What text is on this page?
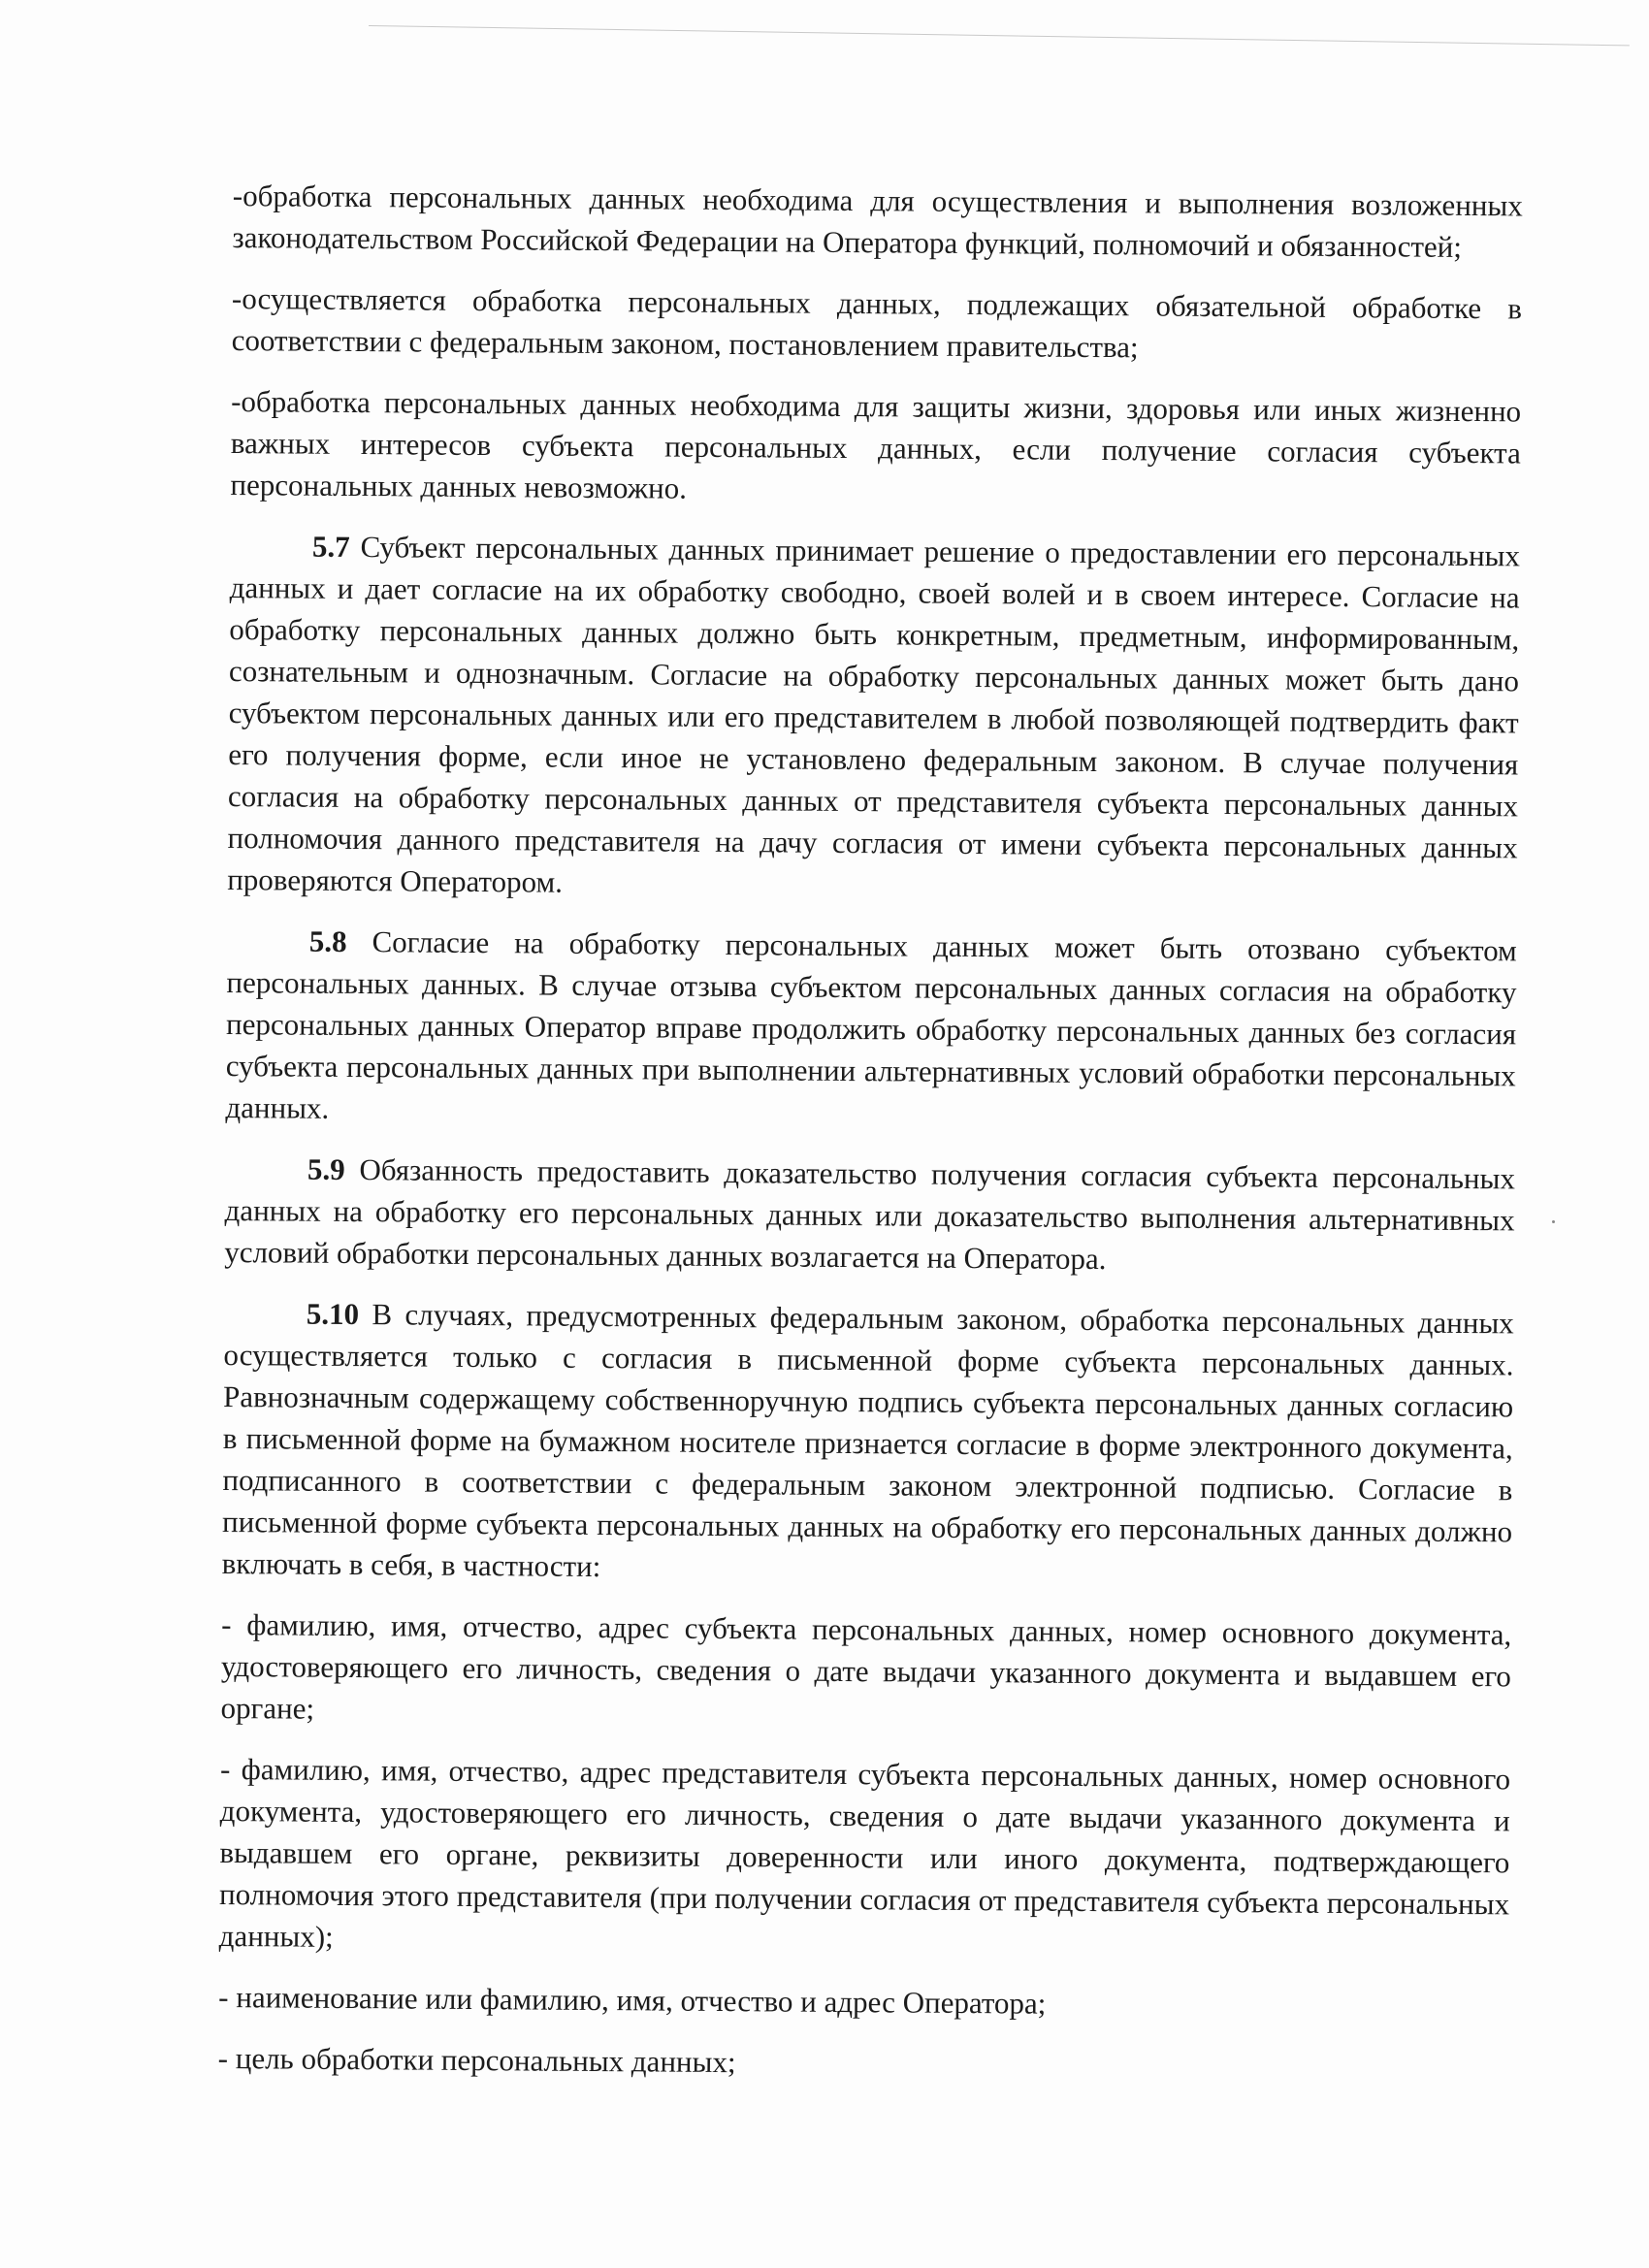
-обработка персональных данных необходима для осуществления и выполнения возложенных законодательством Российской Федерации на Оператора функций, полномочий и обязанностей;

-осуществляется обработка персональных данных, подлежащих обязательной обработке в соответствии с федеральным законом, постановлением правительства;

-обработка персональных данных необходима для защиты жизни, здоровья или иных жизненно важных интересов субъекта персональных данных, если получение согласия субъекта персональных данных невозможно.

5.7 Субъект персональных данных принимает решение о предоставлении его персональных данных и дает согласие на их обработку свободно, своей волей и в своем интересе. Согласие на обработку персональных данных должно быть конкретным, предметным, информированным, сознательным и однозначным. Согласие на обработку персональных данных может быть дано субъектом персональных данных или его представителем в любой позволяющей подтвердить факт его получения форме, если иное не установлено федеральным законом. В случае получения согласия на обработку персональных данных от представителя субъекта персональных данных полномочия данного представителя на дачу согласия от имени субъекта персональных данных проверяются Оператором.

5.8 Согласие на обработку персональных данных может быть отозвано субъектом персональных данных. В случае отзыва субъектом персональных данных согласия на обработку персональных данных Оператор вправе продолжить обработку персональных данных без согласия субъекта персональных данных при выполнении альтернативных условий обработки персональных данных.

5.9 Обязанность предоставить доказательство получения согласия субъекта персональных данных на обработку его персональных данных или доказательство выполнения альтернативных условий обработки персональных данных возлагается на Оператора.

5.10 В случаях, предусмотренных федеральным законом, обработка персональных данных осуществляется только с согласия в письменной форме субъекта персональных данных. Равнозначным содержащему собственноручную подпись субъекта персональных данных согласию в письменной форме на бумажном носителе признается согласие в форме электронного документа, подписанного в соответствии с федеральным законом электронной подписью. Согласие в письменной форме субъекта персональных данных на обработку его персональных данных должно включать в себя, в частности:

- фамилию, имя, отчество, адрес субъекта персональных данных, номер основного документа, удостоверяющего его личность, сведения о дате выдачи указанного документа и выдавшем его органе;

- фамилию, имя, отчество, адрес представителя субъекта персональных данных, номер основного документа, удостоверяющего его личность, сведения о дате выдачи указанного документа и выдавшем его органе, реквизиты доверенности или иного документа, подтверждающего полномочия этого представителя (при получении согласия от представителя субъекта персональных данных);

- наименование или фамилию, имя, отчество и адрес Оператора;

- цель обработки персональных данных;
